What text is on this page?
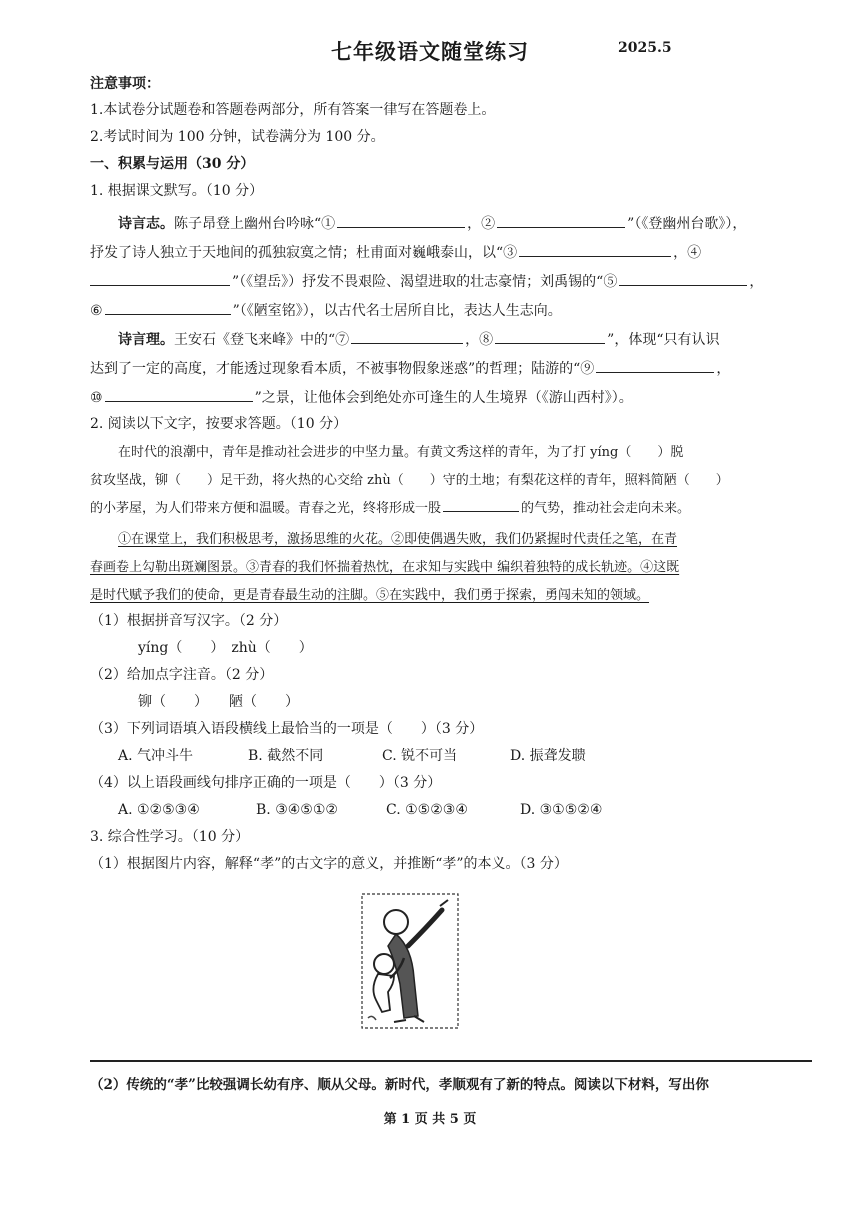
七年级语文随堂练习	2025.5
注意事项：
1.本试卷分试题卷和答题卷两部分，所有答案一律写在答题卷上。
2.考试时间为 100 分钟，试卷满分为 100 分。
一、积累与运用（30 分）
1. 根据课文默写。（10 分）
诗言志。陈子昂登上幽州台吟咏“①	，②	”（《登幽州台歌》），
抒发了诗人独立于天地间的孤独寂寞之情；杜甫面对巍峨泰山，以“③	，④
”（《望岳》）抒发不畏艰险、渴望进取的壮志豪情；刘禹锡的“⑤	，
⑥	”（《陋室铭》），以古代名士居所自比，表达人生志向。
诗言理。王安石《登飞来峰》中的“⑦	，⑧	”，体现“只有认识
达到了一定的高度，才能透过现象看本质，不被事物假象迷惑”的哲理；陆游的“⑨	，
⑩	”之景，让他体会到绝处亦可逢生的人生境界（《游山西村》）。
2. 阅读以下文字，按要求答题。（10 分）
在时代的浪潮中，青年是推动社会进步的中坚力量。有黄文秀这样的青年，为了打 yíng（　　）脱
贫攻坚战，铆（　　）足干劲，将火热的心交给 zhù（　　）守的土地；有梨花这样的青年，照料简陋（　　）
的小茅屋，为人们带来方便和温暖。青春之光，终将形成一股	的气势，推动社会走向未来。
①在课堂上，我们积极思考，激扬思维的火花。②即使偶遇失败，我们仍紧握时代责任之笔，在青
春画卷上勾勒出斑斓图景。③青春的我们怀揣着热忱，在求知与实践中 编织着独特的成长轨迹。④这既
是时代赋予我们的使命，更是青春最生动的注脚。⑤在实践中，我们勇于探索，勇闯未知的领域。
（1）根据拼音写汉字。（2 分）
yíng（　　）　zhù（　　）
（2）给加点字注音。（2 分）
铆（　　）　　陋（　　）
（3）下列词语填入语段横线上最恰当的一项是（　　）（3 分）
A. 气冲斗牛	B. 截然不同	C. 锐不可当	D. 振聋发聩
（4）以上语段画线句排序正确的一项是（　　）（3 分）
A. ①②⑤③④	B. ③④⑤①②	C. ①⑤②③④	D. ③①⑤②④
3. 综合性学习。（10 分）
（1）根据图片内容，解释“孝”的古文字的意义，并推断“孝”的本义。（3 分）
（2）传统的“孝”比较强调长幼有序、顺从父母。新时代，孝顺观有了新的特点。阅读以下材料，写出你
第 1 页 共 5 页
